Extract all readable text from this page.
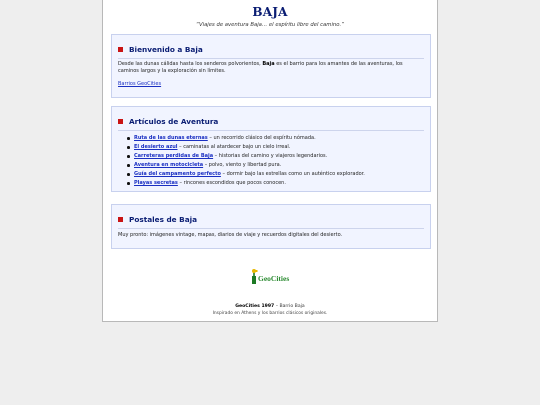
BAJA
“Viajes de aventura Baja… el espíritu libre del camino.”
Bienvenido a Baja
Desde las dunas cálidas hasta los senderos polvorientos, Baja es el barrio para los amantes de las aventuras, los caminos largos y la exploración sin límites.
Barrios GeoCities
Artículos de Aventura
Ruta de las dunas eternas – un recorrido clásico del espíritu nómada.
El desierto azul – caminatas al atardecer bajo un cielo irreal.
Carreteras perdidas de Baja – historias del camino y viajeros legendarios.
Aventura en motocicleta – polvo, viento y libertad pura.
Guía del campamento perfecto – dormir bajo las estrellas como un auténtico explorador.
Playas secretas – rincones escondidos que pocos conocen.
Postales de Baja
Muy pronto: imágenes vintage, mapas, diarios de viaje y recuerdos digitales del desierto.
GeoCities
GeoCities 1997 – Barrio Baja
Inspirado en Athens y los barrios clásicos originales.
